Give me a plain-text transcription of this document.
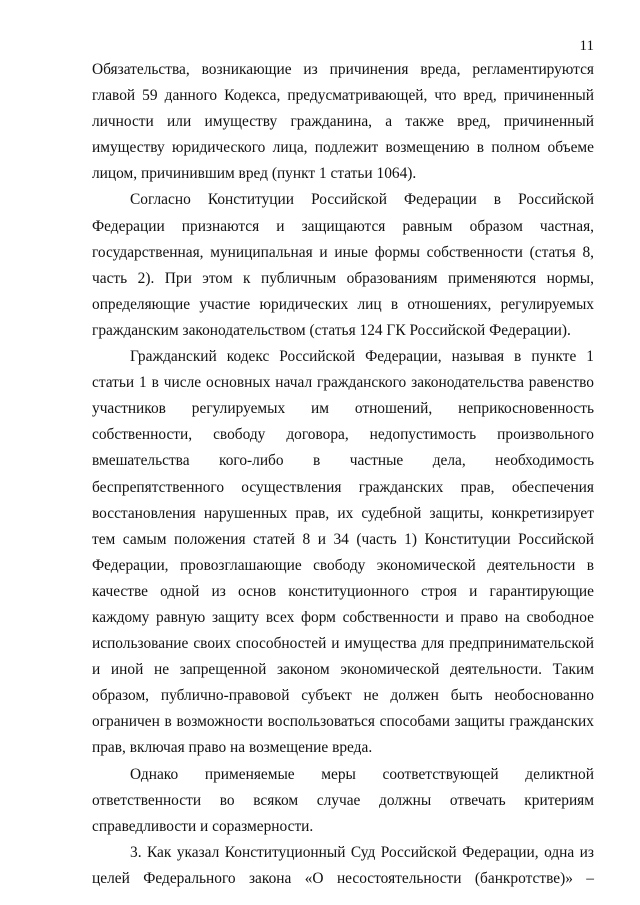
11

Обязательства, возникающие из причинения вреда, регламентируются главой 59 данного Кодекса, предусматривающей, что вред, причиненный личности или имуществу гражданина, а также вред, причиненный имуществу юридического лица, подлежит возмещению в полном объеме лицом, причинившим вред (пункт 1 статьи 1064).

Согласно Конституции Российской Федерации в Российской Федерации признаются и защищаются равным образом частная, государственная, муниципальная и иные формы собственности (статья 8, часть 2). При этом к публичным образованиям применяются нормы, определяющие участие юридических лиц в отношениях, регулируемых гражданским законодательством (статья 124 ГК Российской Федерации).

Гражданский кодекс Российской Федерации, называя в пункте 1 статьи 1 в числе основных начал гражданского законодательства равенство участников регулируемых им отношений, неприкосновенность собственности, свободу договора, недопустимость произвольного вмешательства кого-либо в частные дела, необходимость беспрепятственного осуществления гражданских прав, обеспечения восстановления нарушенных прав, их судебной защиты, конкретизирует тем самым положения статей 8 и 34 (часть 1) Конституции Российской Федерации, провозглашающие свободу экономической деятельности в качестве одной из основ конституционного строя и гарантирующие каждому равную защиту всех форм собственности и право на свободное использование своих способностей и имущества для предпринимательской и иной не запрещенной законом экономической деятельности. Таким образом, публично-правовой субъект не должен быть необоснованно ограничен в возможности воспользоваться способами защиты гражданских прав, включая право на возмещение вреда.

Однако применяемые меры соответствующей деликтной ответственности во всяком случае должны отвечать критериям справедливости и соразмерности.

3. Как указал Конституционный Суд Российской Федерации, одна из целей Федерального закона «О несостоятельности (банкротстве)» –
